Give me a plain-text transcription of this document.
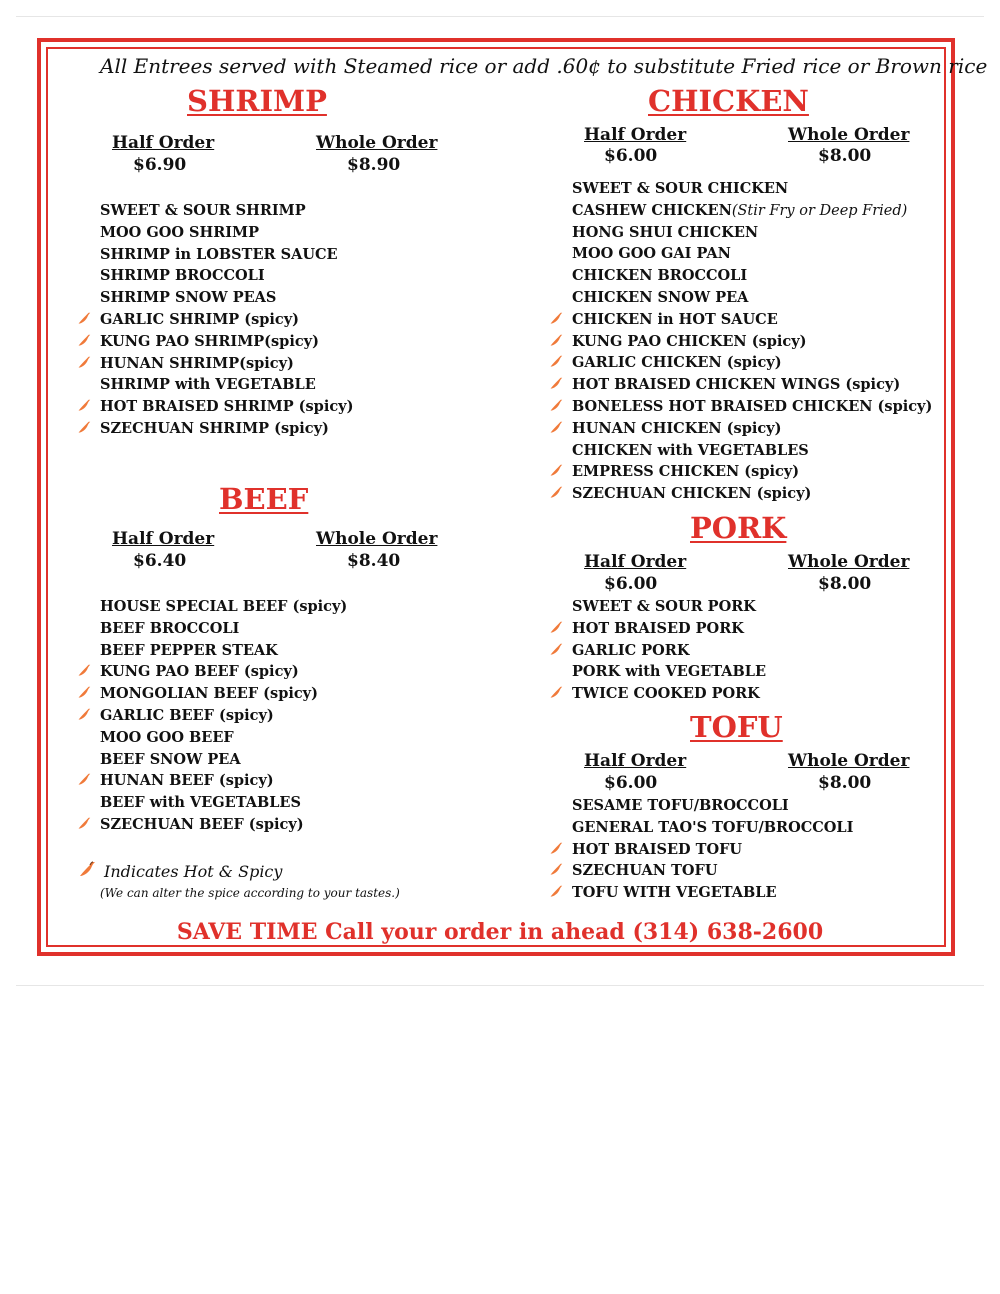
All Entrees served with Steamed rice or add .60¢ to substitute Fried rice or Brown rice
SHRIMP
Half Order	Whole Order
$6.90	$8.90
SWEET & SOUR SHRIMP
MOO GOO SHRIMP
SHRIMP in LOBSTER SAUCE
SHRIMP BROCCOLI
SHRIMP SNOW PEAS
GARLIC SHRIMP (spicy)
KUNG PAO SHRIMP(spicy)
HUNAN SHRIMP(spicy)
SHRIMP with VEGETABLE
HOT BRAISED SHRIMP (spicy)
SZECHUAN SHRIMP (spicy)
BEEF
Half Order	Whole Order
$6.40	$8.40
HOUSE SPECIAL BEEF (spicy)
BEEF BROCCOLI
BEEF PEPPER STEAK
KUNG PAO BEEF (spicy)
MONGOLIAN BEEF (spicy)
GARLIC BEEF (spicy)
MOO GOO BEEF
BEEF SNOW PEA
HUNAN BEEF (spicy)
BEEF with VEGETABLES
SZECHUAN BEEF (spicy)
Indicates Hot & Spicy
(We can alter the spice according to your tastes.)
CHICKEN
Half Order	Whole Order
$6.00	$8.00
SWEET & SOUR CHICKEN
CASHEW CHICKEN(Stir Fry or Deep Fried)
HONG SHUI CHICKEN
MOO GOO GAI PAN
CHICKEN BROCCOLI
CHICKEN SNOW PEA
CHICKEN in HOT SAUCE
KUNG PAO CHICKEN (spicy)
GARLIC CHICKEN (spicy)
HOT BRAISED CHICKEN WINGS (spicy)
BONELESS HOT BRAISED CHICKEN (spicy)
HUNAN CHICKEN (spicy)
CHICKEN with VEGETABLES
EMPRESS CHICKEN (spicy)
SZECHUAN CHICKEN (spicy)
PORK
Half Order	Whole Order
$6.00	$8.00
SWEET & SOUR PORK
HOT BRAISED PORK
GARLIC PORK
PORK with VEGETABLE
TWICE COOKED PORK
TOFU
Half Order	Whole Order
$6.00	$8.00
SESAME TOFU/BROCCOLI
GENERAL TAO'S TOFU/BROCCOLI
HOT BRAISED TOFU
SZECHUAN TOFU
TOFU WITH VEGETABLE
SAVE TIME Call your order in ahead (314) 638-2600
